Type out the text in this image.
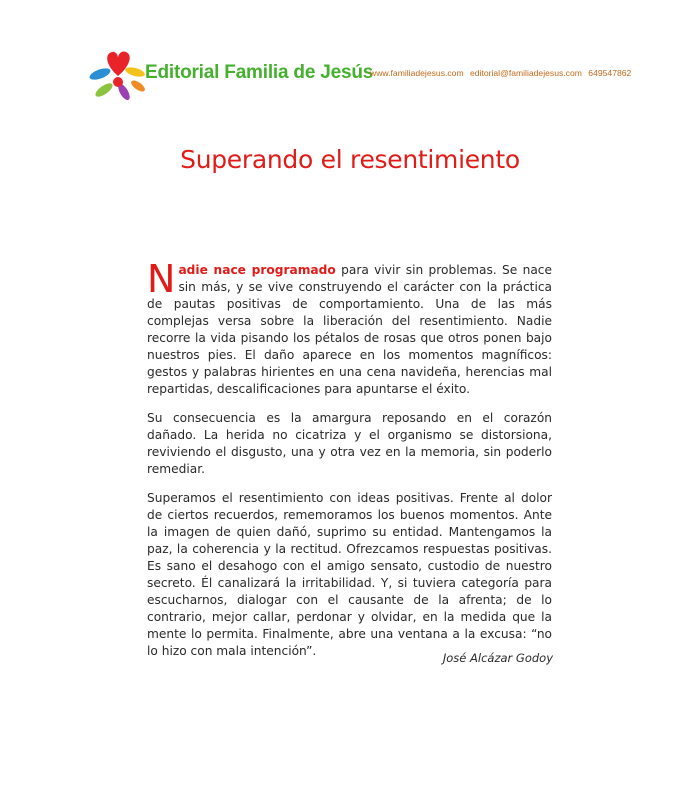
Editorial Familia de Jesús
www.familiadejesus.com editorial@familiadejesus.com 649547862
Superando el resentimiento

Nadie nace programado para vivir sin problemas. Se nace sin más, y se vive construyendo el carácter con la práctica de pautas positivas de comportamiento. Una de las más complejas versa sobre la liberación del resentimiento. Nadie recorre la vida pisando los pétalos de rosas que otros ponen bajo nuestros pies. El daño aparece en los momentos magníficos: gestos y palabras hirientes en una cena navideña, herencias mal repartidas, descalificaciones para apuntarse el éxito.

Su consecuencia es la amargura reposando en el corazón dañado. La herida no cicatriza y el organismo se distorsiona, reviviendo el disgusto, una y otra vez en la memoria, sin poderlo remediar.

Superamos el resentimiento con ideas positivas. Frente al dolor de ciertos recuerdos, rememoramos los buenos momentos. Ante la imagen de quien dañó, suprimo su entidad. Mantengamos la paz, la coherencia y la rectitud. Ofrezcamos respuestas positivas. Es sano el desahogo con el amigo sensato, custodio de nuestro secreto. Él canalizará la irritabilidad. Y, si tuviera categoría para escucharnos, dialogar con el causante de la afrenta; de lo contrario, mejor callar, perdonar y olvidar, en la medida que la mente lo permita. Finalmente, abre una ventana a la excusa: “no lo hizo con mala intención”.	José Alcázar Godoy
